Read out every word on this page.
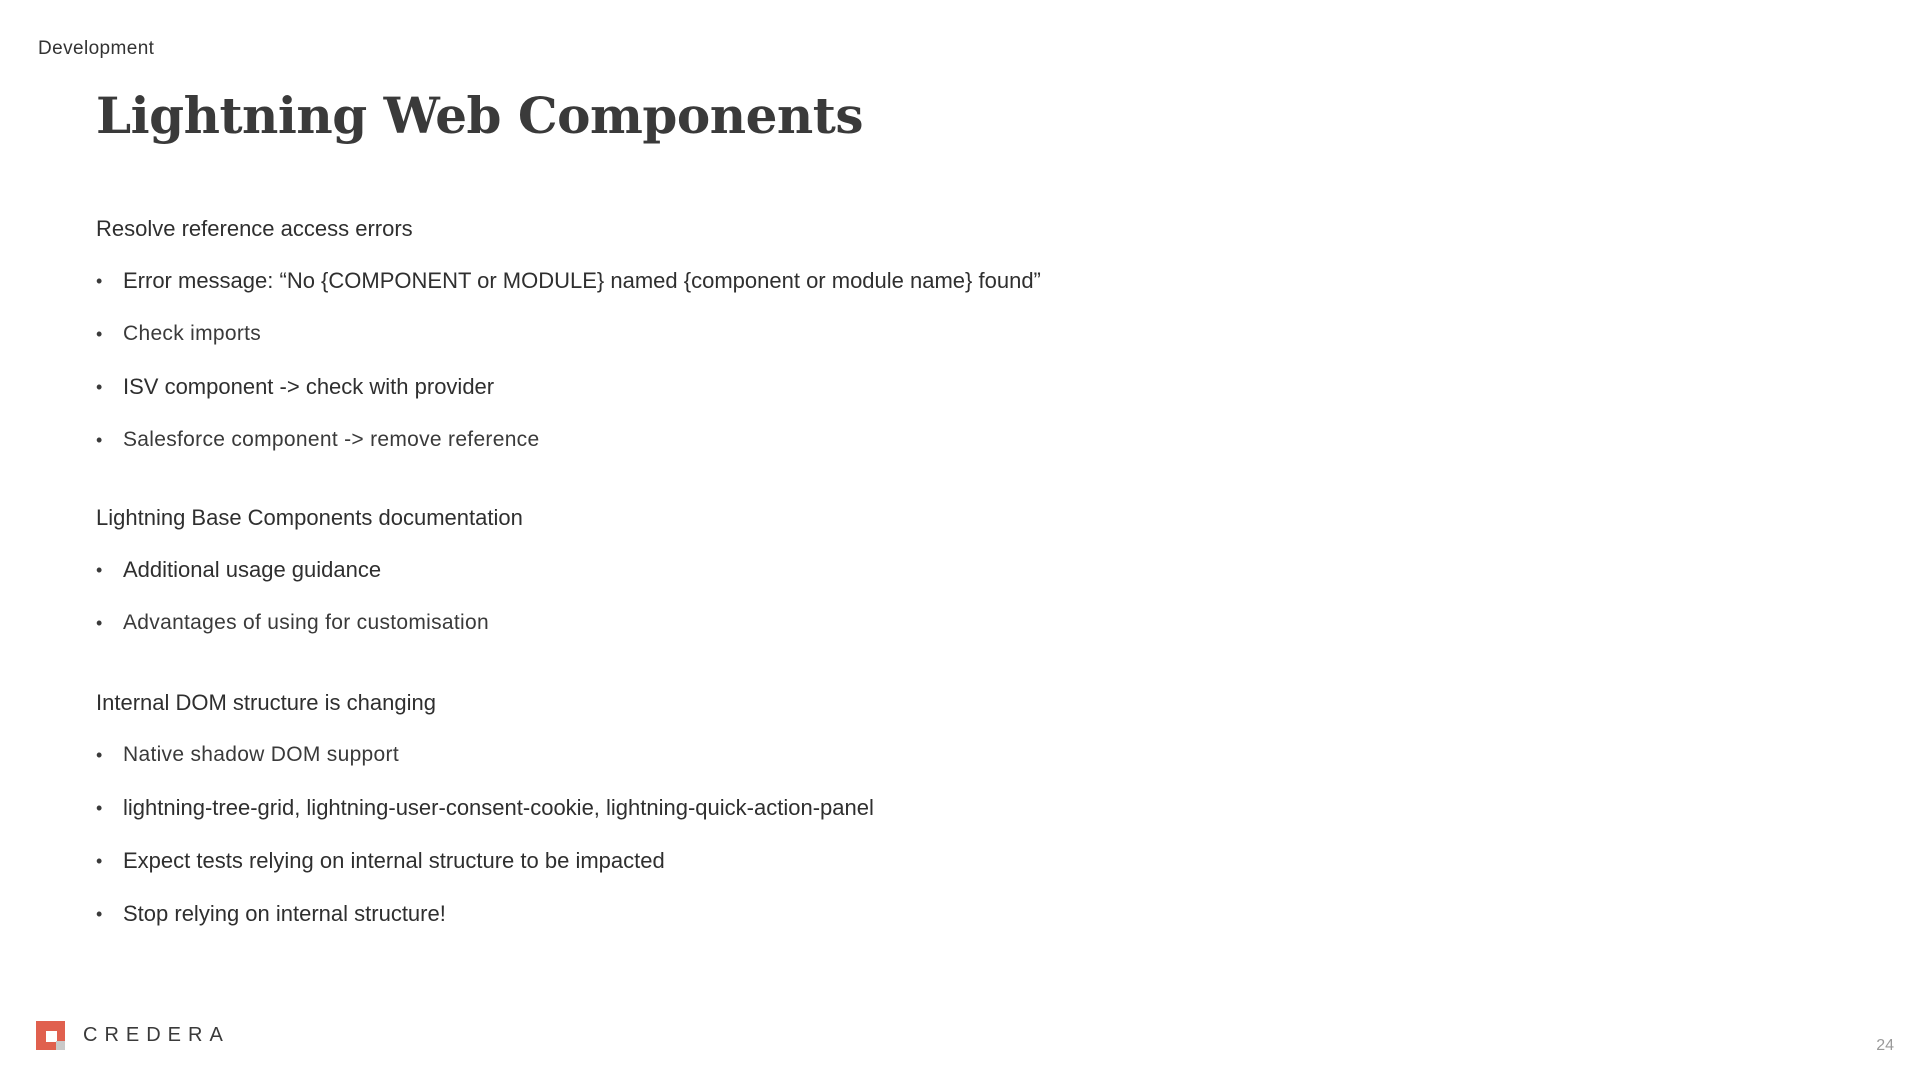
Development
Lightning Web Components
Resolve reference access errors
• Error message: “No {COMPONENT or MODULE} named {component or module name} found”
• Check imports
• ISV component -> check with provider
• Salesforce component -> remove reference
Lightning Base Components documentation
• Additional usage guidance
• Advantages of using for customisation
Internal DOM structure is changing
• Native shadow DOM support
• lightning-tree-grid, lightning-user-consent-cookie, lightning-quick-action-panel
• Expect tests relying on internal structure to be impacted
• Stop relying on internal structure!
CREDERA	24
